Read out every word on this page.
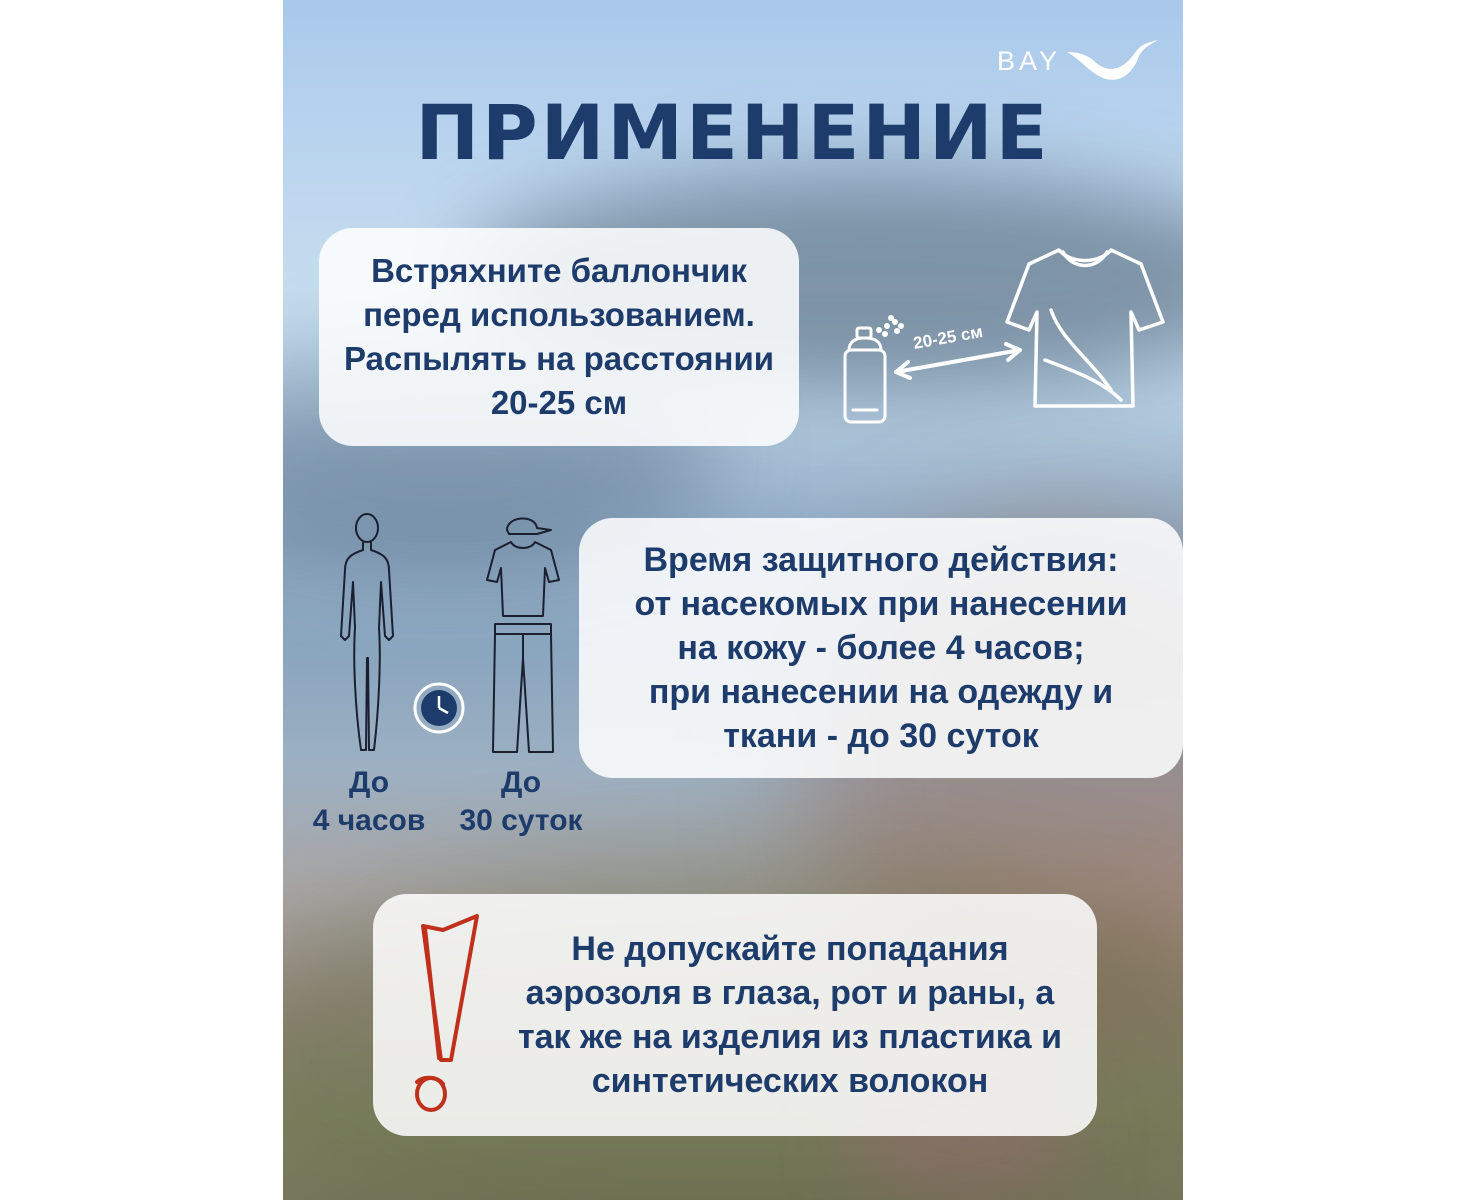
BAY
ПРИМЕНЕНИЕ
Встряхните баллончик
перед использованием.
Распылять на расстоянии
20-25 см
20-25 см
До
4 часов
До
30 суток
Время защитного действия:
от насекомых при нанесении
на кожу - более 4 часов;
при нанесении на одежду и
ткани - до 30 суток
Не допускайте попадания
аэрозоля в глаза, рот и раны, а
так же на изделия из пластика и
синтетических волокон
